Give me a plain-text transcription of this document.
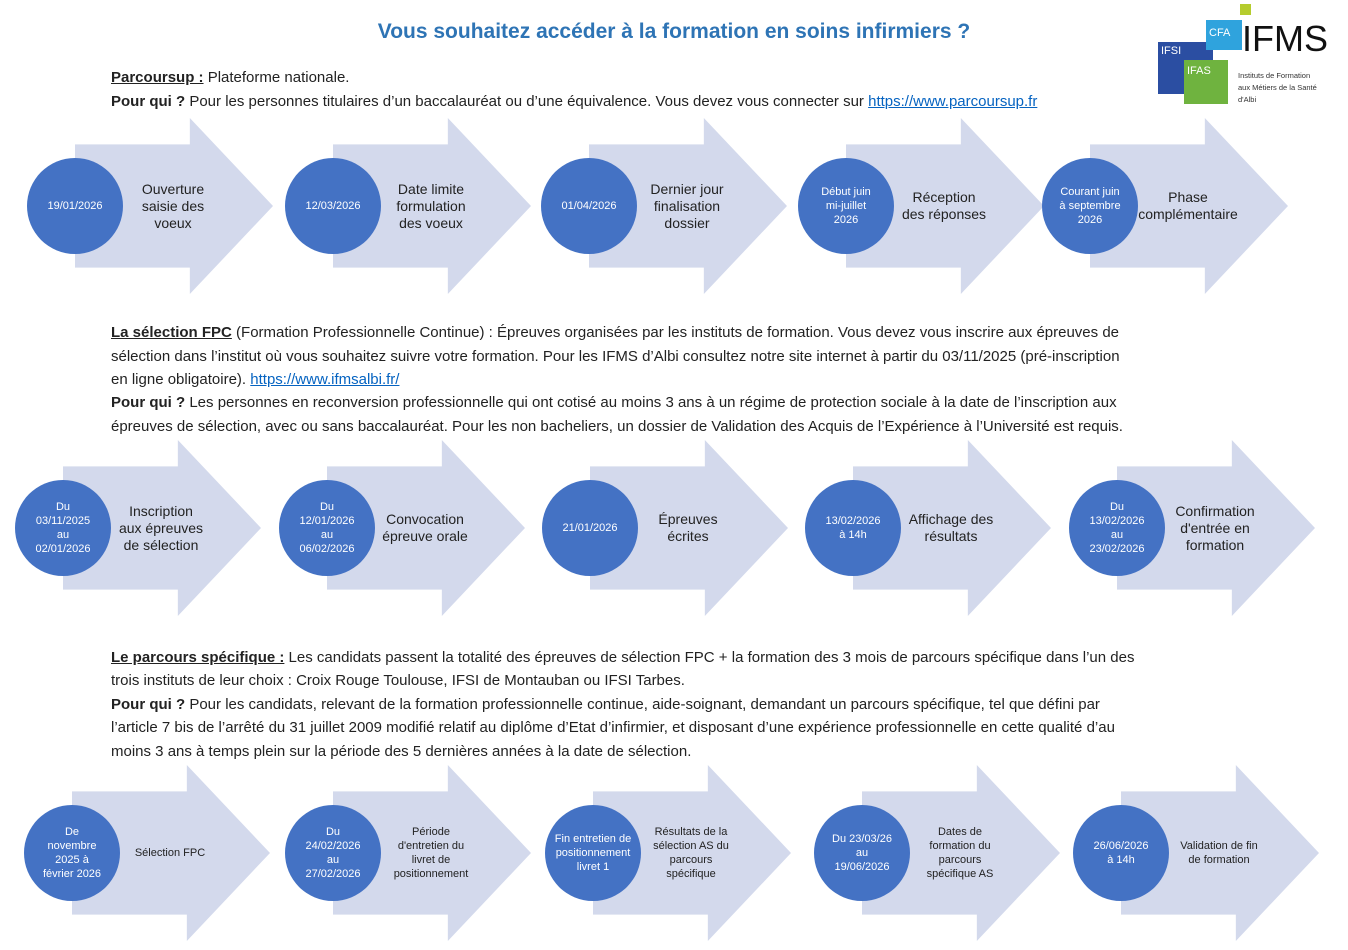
Vous souhaitez accéder à la formation en soins infirmiers ?
IFSI
CFA
IFAS
IFMS
Instituts de Formation
aux Métiers de la Santé
d'Albi
Parcoursup : Plateforme nationale.
Pour qui ? Pour les personnes titulaires d’un baccalauréat ou d’une équivalence. Vous devez vous connecter sur https://www.parcoursup.fr
La sélection FPC (Formation Professionnelle Continue) : Épreuves organisées par les instituts de formation. Vous devez vous inscrire aux épreuves de
sélection dans l’institut où vous souhaitez suivre votre formation. Pour les IFMS d’Albi consultez notre site internet à partir du 03/11/2025 (pré-inscription
en ligne obligatoire). https://www.ifmsalbi.fr/
Pour qui ? Les personnes en reconversion professionnelle qui ont cotisé au moins 3 ans à un régime de protection sociale à la date de l’inscription aux
épreuves de sélection, avec ou sans baccalauréat. Pour les non bacheliers, un dossier de Validation des Acquis de l’Expérience à l’Université est requis.
Le parcours spécifique : Les candidats passent la totalité des épreuves de sélection FPC + la formation des 3 mois de parcours spécifique dans l’un des
trois instituts de leur choix : Croix Rouge Toulouse, IFSI de Montauban ou IFSI Tarbes.
Pour qui ? Pour les candidats, relevant de la formation professionnelle continue, aide-soignant, demandant un parcours spécifique, tel que défini par
l’article 7 bis de l’arrêté du 31 juillet 2009 modifié relatif au diplôme d’Etat d’infirmier, et disposant d’une expérience professionnelle en cette qualité d’au
moins 3 ans à temps plein sur la période des 5 dernières années à la date de sélection.
19/01/2026
Ouverture
saisie des
voeux
12/03/2026
Date limite
formulation
des voeux
01/04/2026
Dernier jour
finalisation
dossier
Début juin
mi-juillet
2026
Réception
des réponses
Courant juin
à septembre
2026
Phase
complémentaire
Du
03/11/2025
au
02/01/2026
Inscription
aux épreuves
de sélection
Du
12/01/2026
au
06/02/2026
Convocation
épreuve orale	21/01/2026
Épreuves
écrites
13/02/2026
à 14h
Affichage des
résultats
Du
13/02/2026
au
23/02/2026
Confirmation
d'entrée en
formation
De
novembre
2025 à
février 2026
Sélection FPC
Du
24/02/2026
au
27/02/2026
Période
d'entretien du
livret de
positionnement
Fin entretien de
positionnement
livret 1
Résultats de la
sélection AS du
parcours
spécifique
Du 23/03/26
au
19/06/2026
Dates de
formation du
parcours
spécifique AS
26/06/2026
à 14h
Validation de fin
de formation
